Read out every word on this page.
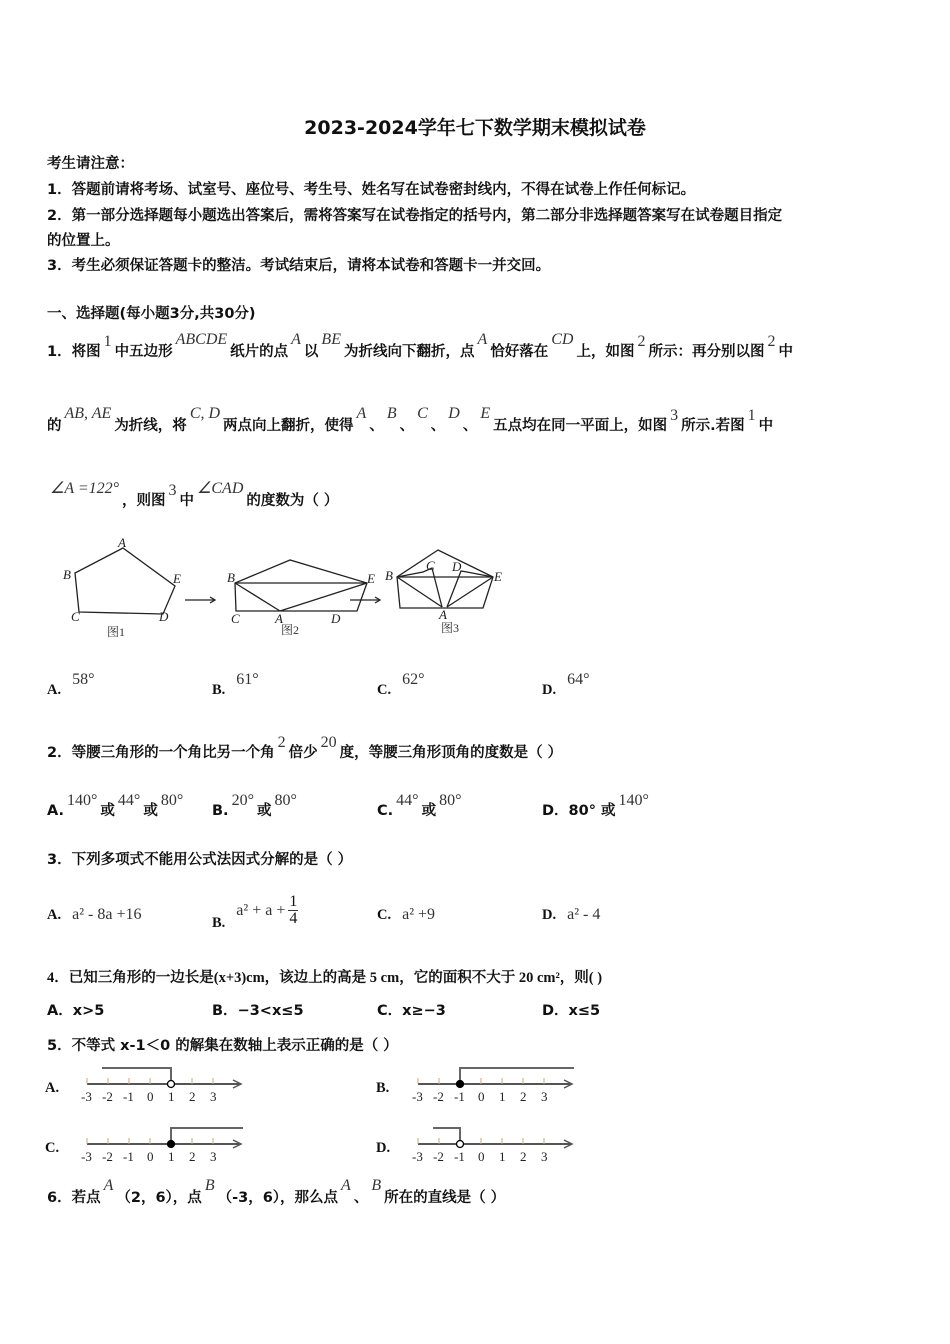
2023-2024学年七下数学期末模拟试卷
考生请注意：
1．答题前请将考场、试室号、座位号、考生号、姓名写在试卷密封线内，不得在试卷上作任何标记。
2．第一部分选择题每小题选出答案后，需将答案写在试卷指定的括号内，第二部分非选择题答案写在试卷题目指定
的位置上。
3．考生必须保证答题卡的整洁。考试结束后，请将本试卷和答题卡一并交回。
一、选择题(每小题3分,共30分)
1．将图1中五边形ABCDE纸片的点A以BE为折线向下翻折，点A恰好落在CD上，如图2所示：再分别以图2中
的AB, AE为折线，将C, D两点向上翻折，使得A、B、C、D、E五点均在同一平面上，如图3所示.若图1中
∠A =122°，则图3中∠CAD的度数为（ ）
A
B
C	D
E	B	E
C	A	D
B
C D
E
A
图1	图2	图3
A.58°
B.61°
C.62°
D.64°
2．等腰三角形的一个角比另一个角2倍少20度，等腰三角形顶角的度数是（ ）
A.140°或44°或80°
B.20°或80°
C.44°或80°
D．80° 或140°
3．下列多项式不能用公式法因式分解的是（ ）
A. a² - 8a +16	$B.a^2 + a + \frac{1}{4}$	C. a² +9	D. a² - 4
4．已知三角形的一边长是(x+3)cm，该边上的高是 5 cm，它的面积不大于 20 cm²，则( )
A．x>5	B．−3<x≤5	C．x≥−3	D．x≤5
5．不等式 x-1＜0 的解集在数轴上表示正确的是（ ）
A.
-3 -2 -1 0 1 2 3
B.
-3 -2 -1 0 1 2 3
C.
-3 -2 -1 0 1 2 3
D.
-3 -2 -1 0 1 2 3
6．若点A（2，6），点B（-3，6），那么点A、B所在的直线是（ ）
